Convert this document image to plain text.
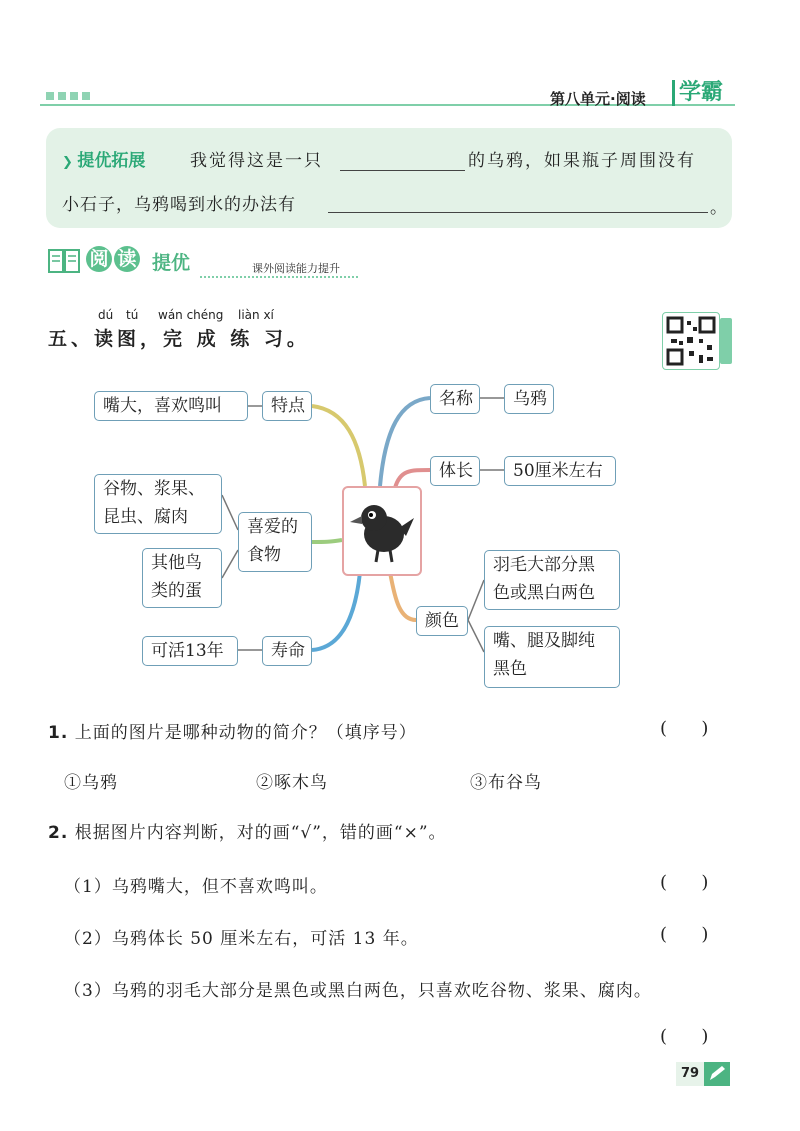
第八单元·阅读	学霸
❯ 提优拓展	我觉得这是一只	的乌鸦，如果瓶子周围没有
小石子，乌鸦喝到水的办法有	。
阅 读 提优	课外阅读能力提升
dú tú wán chéng liàn xí
五、读图，完 成 练 习。
嘴大，喜欢鸣叫	特点
谷物、浆果、昆虫、腐肉	喜爱的食物
其他鸟类的蛋
可活13年	寿命
名称	乌鸦
体长	50厘米左右
颜色
羽毛大部分黑色或黑白两色
嘴、腿及脚纯黑色
1. 上面的图片是哪种动物的简介？（填序号）	(      )
①乌鸦	②啄木鸟	③布谷鸟
2. 根据图片内容判断，对的画“√”，错的画“×”。
（1）乌鸦嘴大，但不喜欢鸣叫。	(      )
（2）乌鸦体长 50 厘米左右，可活 13 年。	(      )
（3）乌鸦的羽毛大部分是黑色或黑白两色，只喜欢吃谷物、浆果、腐肉。
(      )
79
